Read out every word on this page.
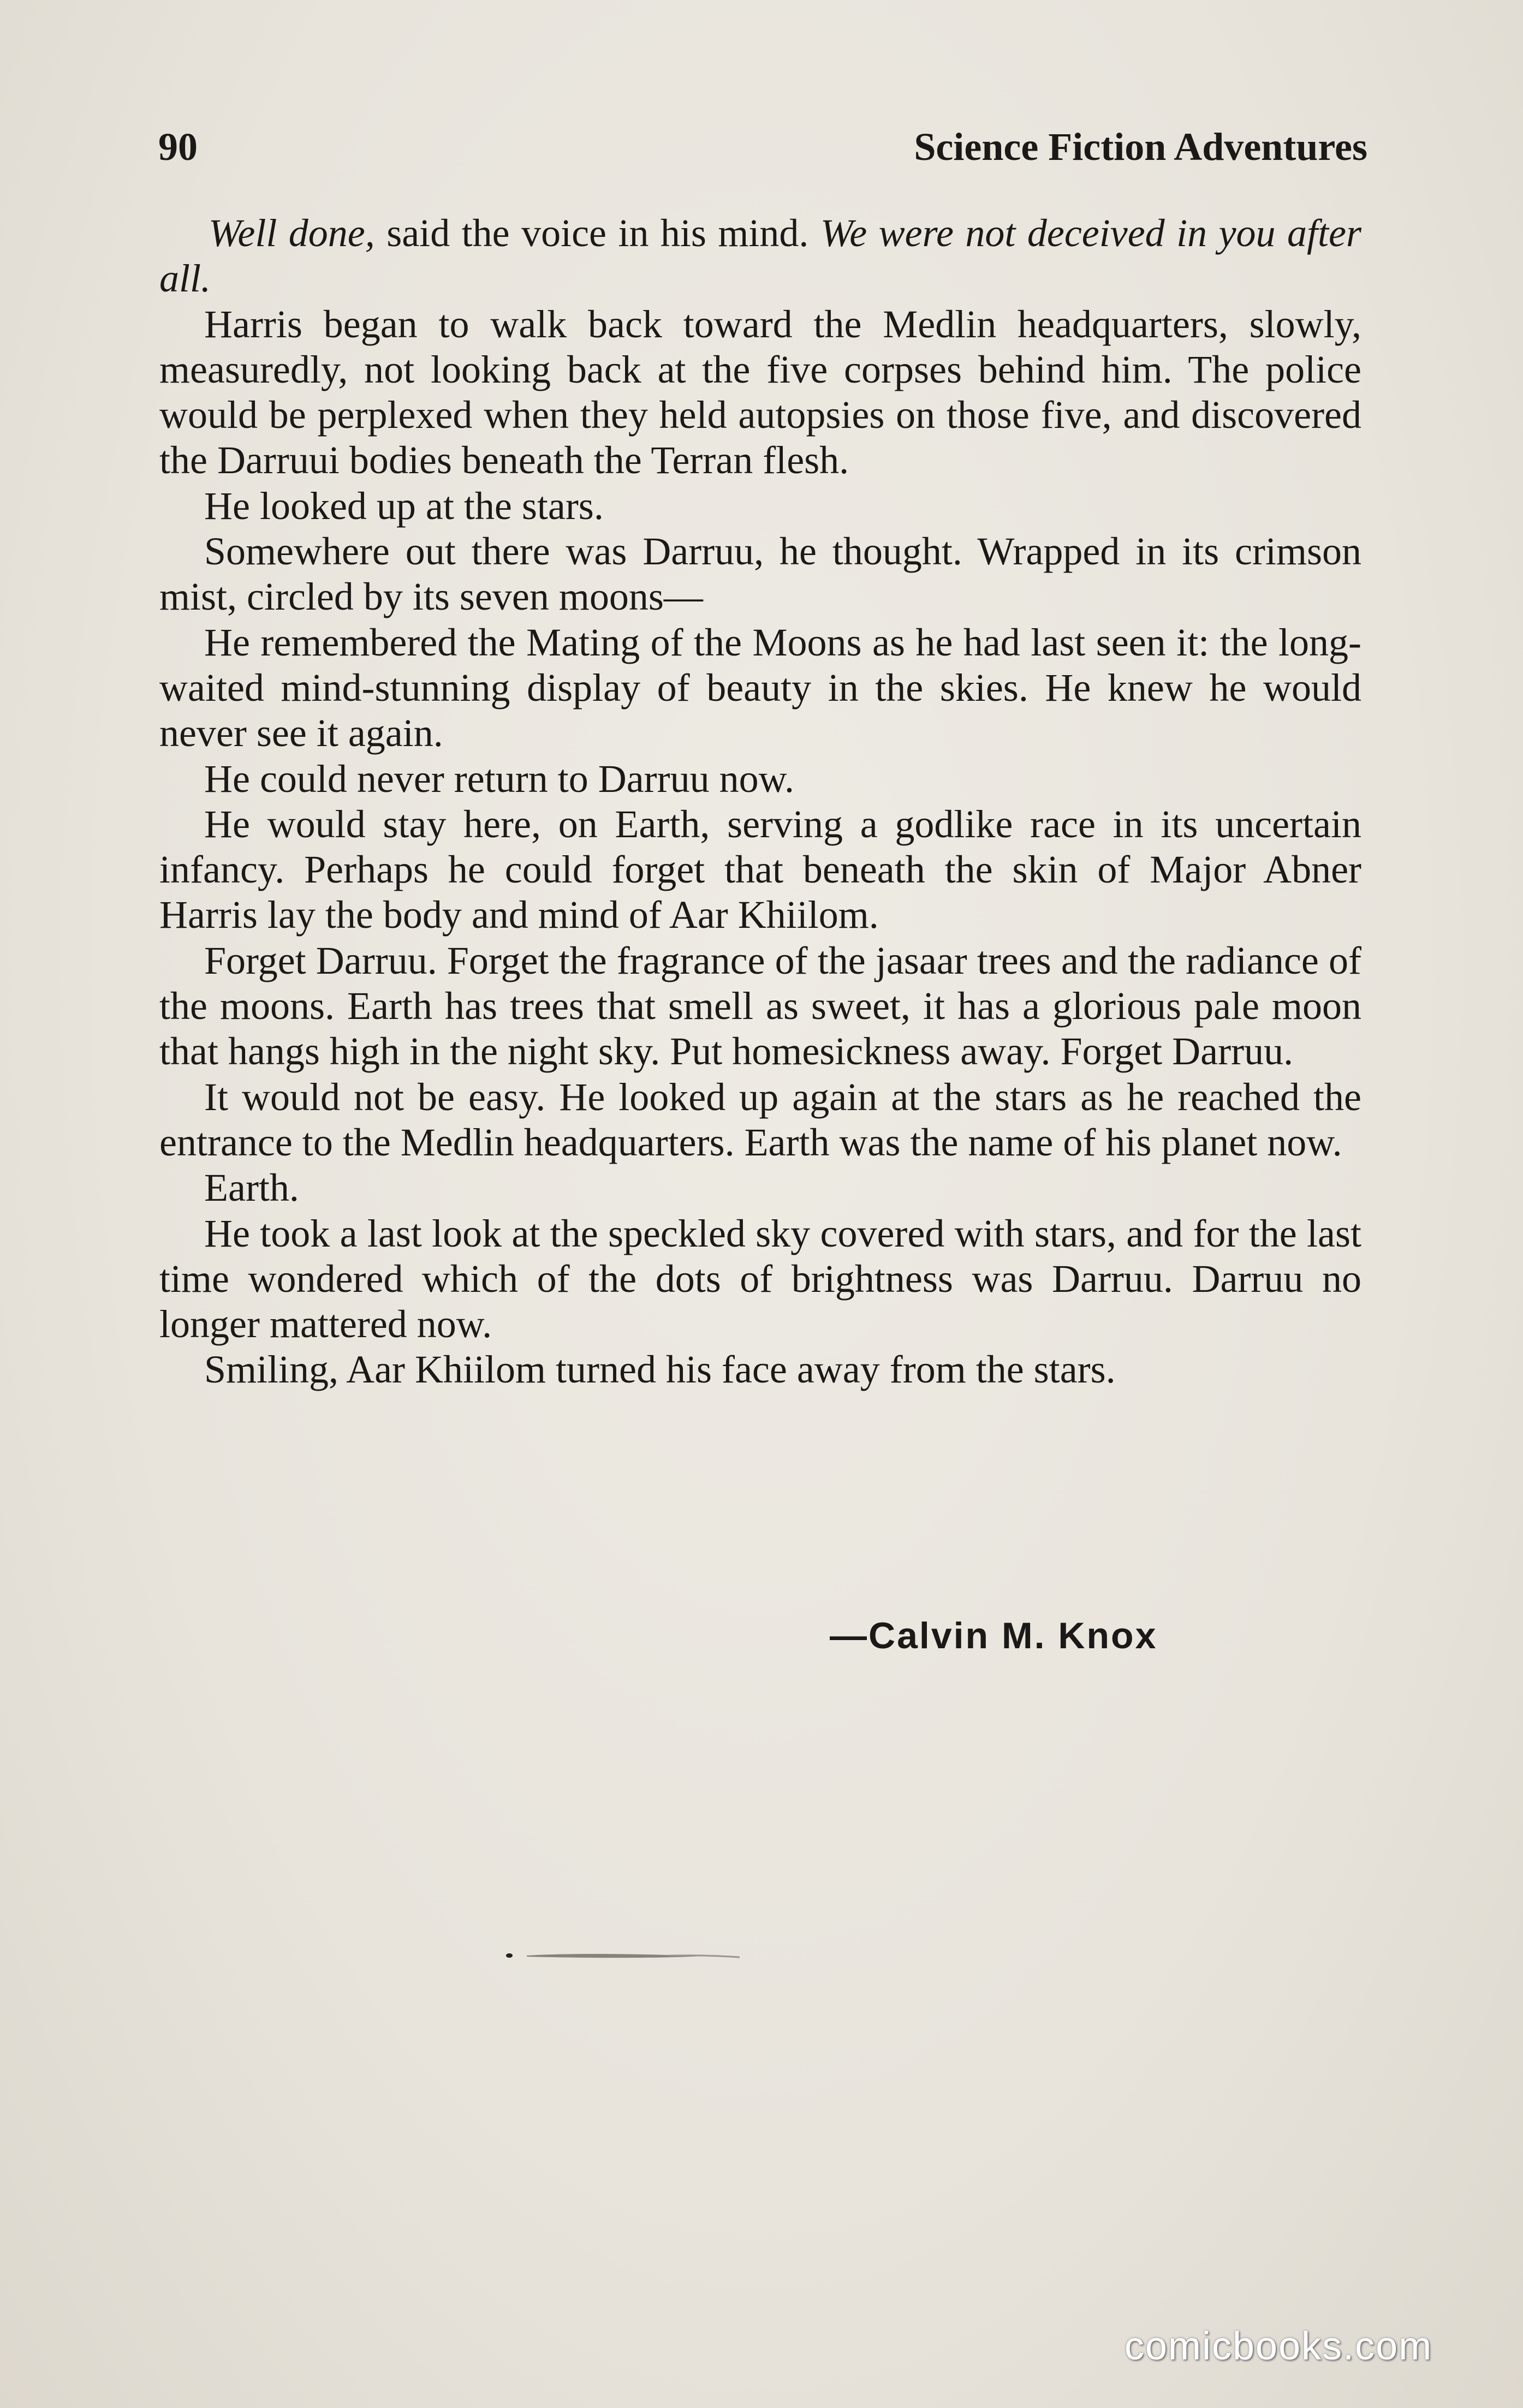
90	Science Fiction Adventures

Well done, said the voice in his mind. We were not deceived in you after all.

Harris began to walk back toward the Medlin headquarters, slowly, measuredly, not looking back at the five corpses behind him. The police would be perplexed when they held autopsies on those five, and discovered the Darruui bodies beneath the Terran flesh.

He looked up at the stars.

Somewhere out there was Darruu, he thought. Wrapped in its crimson mist, circled by its seven moons—

He remembered the Mating of the Moons as he had last seen it: the long-waited mind-stunning display of beauty in the skies. He knew he would never see it again.

He could never return to Darruu now.

He would stay here, on Earth, serving a godlike race in its uncertain infancy. Perhaps he could forget that beneath the skin of Major Abner Harris lay the body and mind of Aar Khiilom.

Forget Darruu. Forget the fragrance of the jasaar trees and the radiance of the moons. Earth has trees that smell as sweet, it has a glorious pale moon that hangs high in the night sky. Put homesickness away. Forget Darruu.

It would not be easy. He looked up again at the stars as he reached the entrance to the Medlin headquarters. Earth was the name of his planet now.

Earth.

He took a last look at the speckled sky covered with stars, and for the last time wondered which of the dots of brightness was Darruu. Darruu no longer mattered now.

Smiling, Aar Khiilom turned his face away from the stars.

—Calvin M. Knox
comicbooks.com
